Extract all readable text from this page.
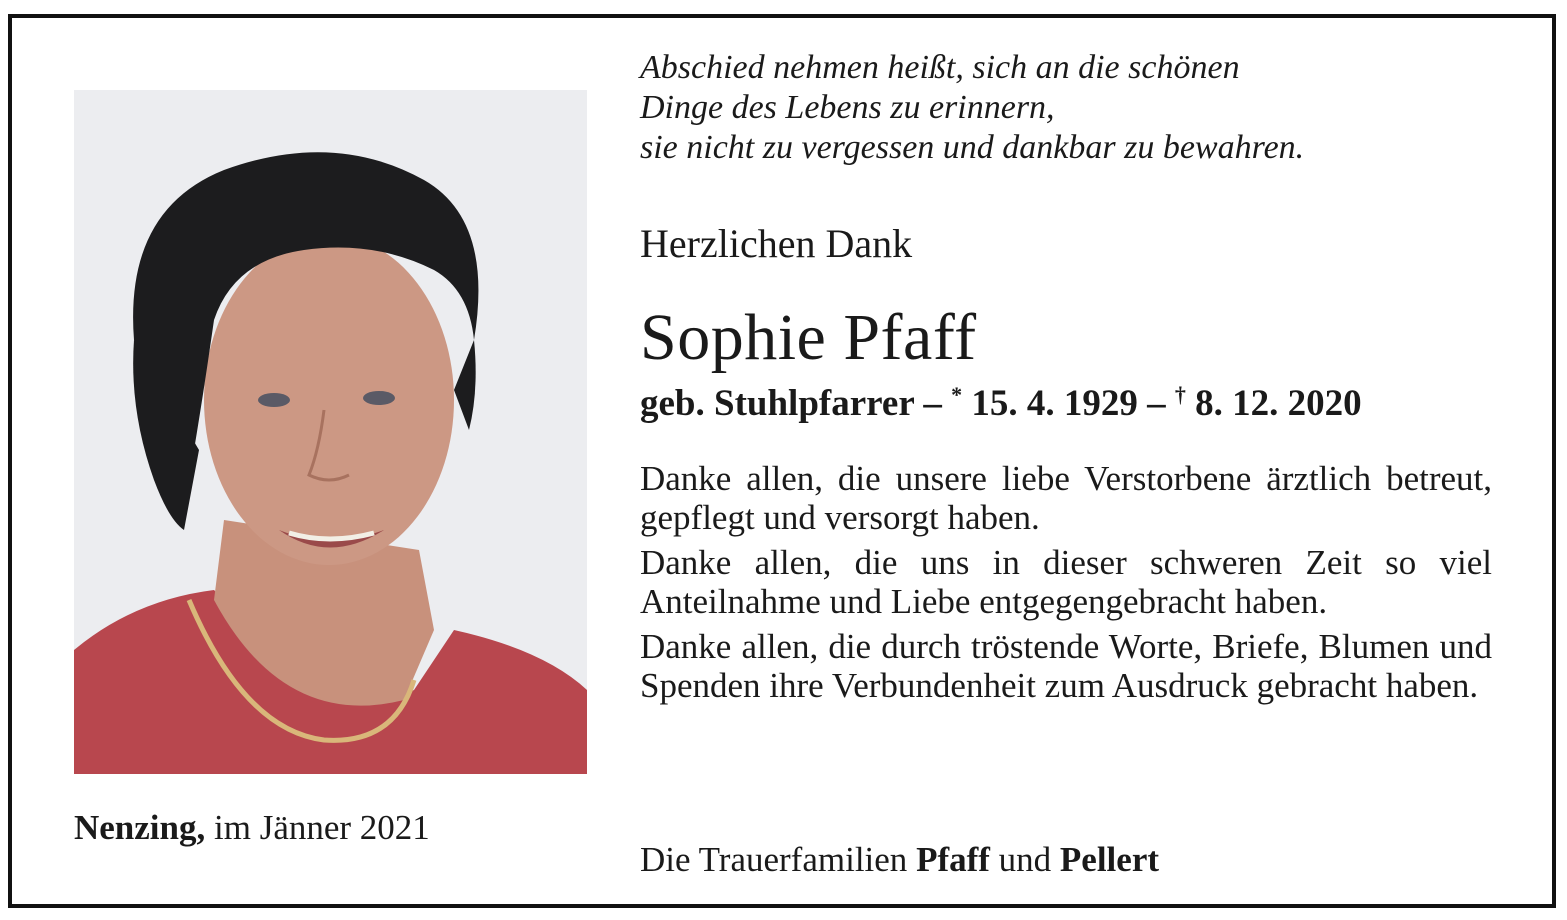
Nenzing, im Jänner 2021
Abschied nehmen heißt, sich an die schönen
Dinge des Lebens zu erinnern,
sie nicht zu vergessen und dankbar zu bewahren.
Herzlichen Dank
Sophie Pfaff
geb. Stuhlpfarrer – * 15. 4. 1929 – † 8. 12. 2020

Danke allen, die unsere liebe Verstorbene ärztlich betreut, gepflegt und versorgt haben.

Danke allen, die uns in dieser schweren Zeit so viel Anteilnahme und Liebe entgegengebracht haben.

Danke allen, die durch tröstende Worte, Briefe, Blumen und Spenden ihre Verbundenheit zum Ausdruck gebracht haben.

Die Trauerfamilien Pfaff und Pellert
